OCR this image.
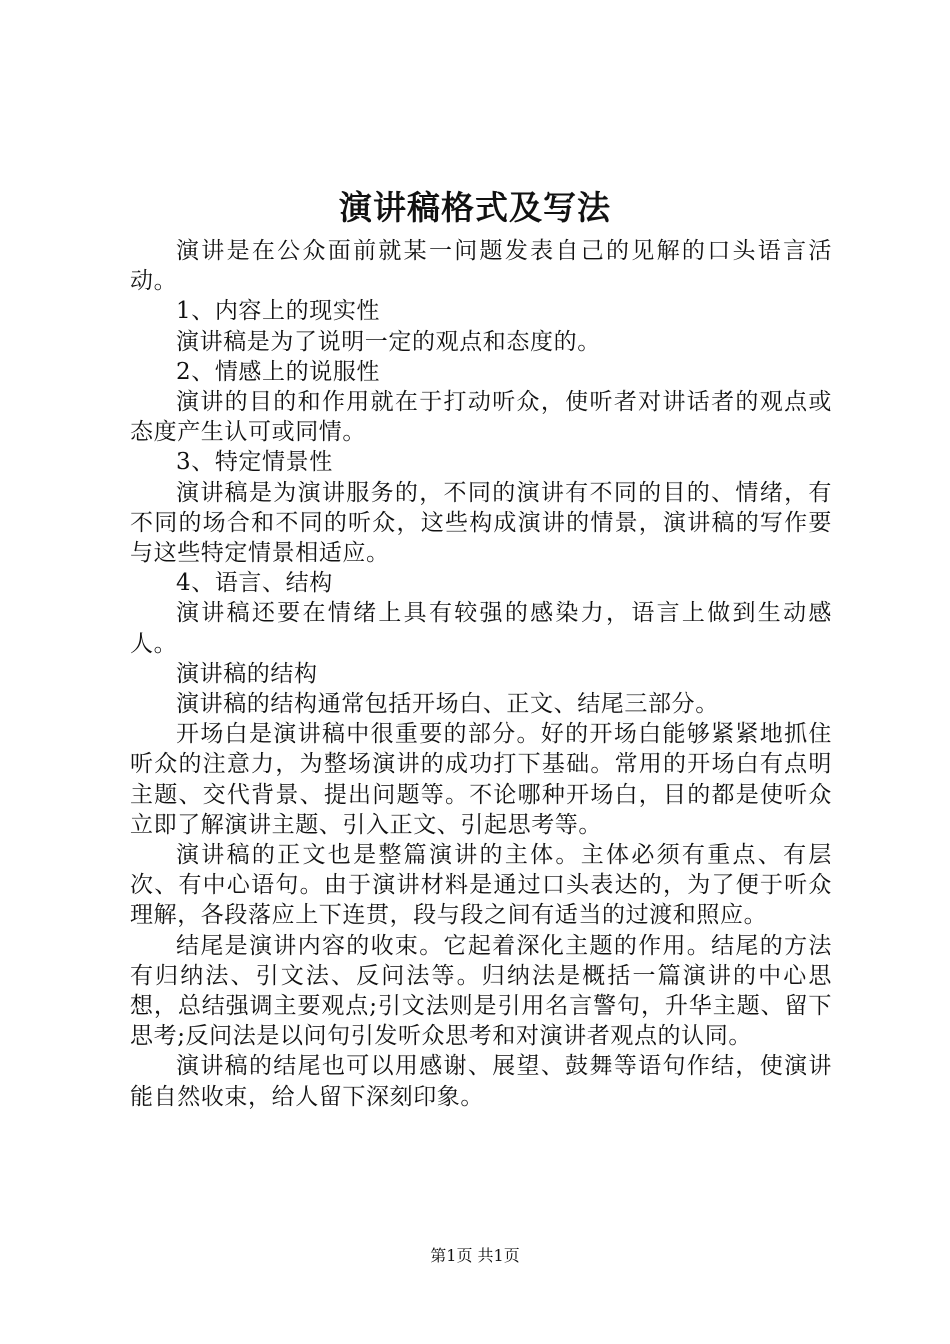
演讲稿格式及写法

演讲是在公众面前就某一问题发表自己的见解的口头语言活动。

1、内容上的现实性

演讲稿是为了说明一定的观点和态度的。

2、情感上的说服性

演讲的目的和作用就在于打动听众，使听者对讲话者的观点或态度产生认可或同情。

3、特定情景性

演讲稿是为演讲服务的，不同的演讲有不同的目的、情绪，有不同的场合和不同的听众，这些构成演讲的情景，演讲稿的写作要与这些特定情景相适应。

4、语言、结构

演讲稿还要在情绪上具有较强的感染力，语言上做到生动感人。

演讲稿的结构

演讲稿的结构通常包括开场白、正文、结尾三部分。

开场白是演讲稿中很重要的部分。好的开场白能够紧紧地抓住听众的注意力，为整场演讲的成功打下基础。常用的开场白有点明主题、交代背景、提出问题等。不论哪种开场白，目的都是使听众立即了解演讲主题、引入正文、引起思考等。

演讲稿的正文也是整篇演讲的主体。主体必须有重点、有层次、有中心语句。由于演讲材料是通过口头表达的，为了便于听众理解，各段落应上下连贯，段与段之间有适当的过渡和照应。

结尾是演讲内容的收束。它起着深化主题的作用。结尾的方法有归纳法、引文法、反问法等。归纳法是概括一篇演讲的中心思想，总结强调主要观点;引文法则是引用名言警句，升华主题、留下思考;反问法是以问句引发听众思考和对演讲者观点的认同。

演讲稿的结尾也可以用感谢、展望、鼓舞等语句作结，使演讲能自然收束，给人留下深刻印象。

第1页 共1页
